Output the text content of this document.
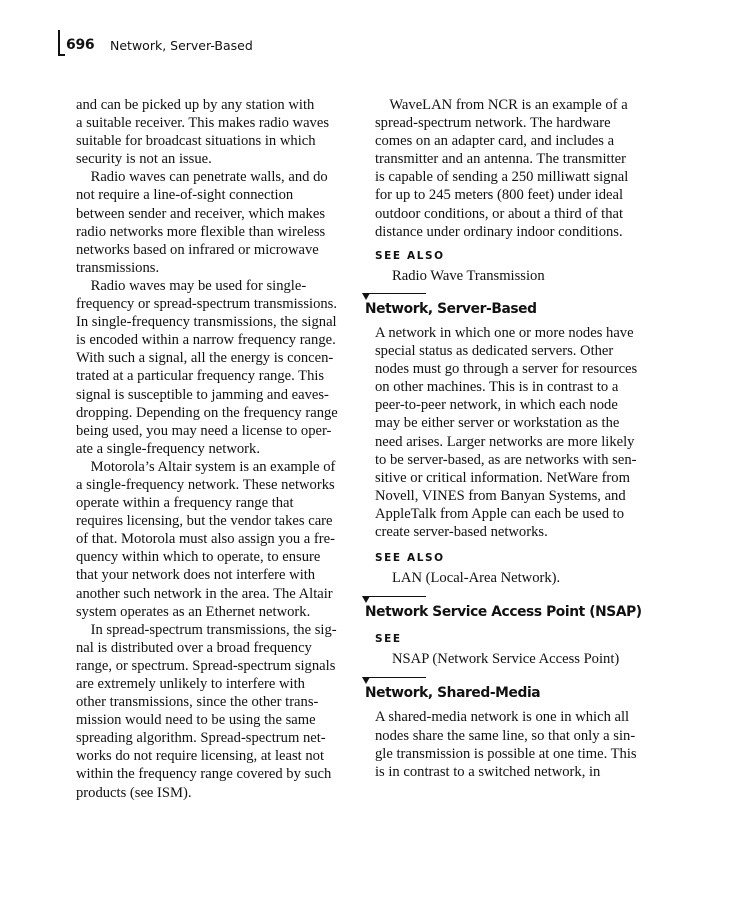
696 Network, Server-Based
and can be picked up by any station with
a suitable receiver. This makes radio waves
suitable for broadcast situations in which
security is not an issue.
Radio waves can penetrate walls, and do
not require a line-of-sight connection
between sender and receiver, which makes
radio networks more flexible than wireless
networks based on infrared or microwave
transmissions.
Radio waves may be used for single-
frequency or spread-spectrum transmissions.
In single-frequency transmissions, the signal
is encoded within a narrow frequency range.
With such a signal, all the energy is concen-
trated at a particular frequency range. This
signal is susceptible to jamming and eaves-
dropping. Depending on the frequency range
being used, you may need a license to oper-
ate a single-frequency network.
Motorola’s Altair system is an example of
a single-frequency network. These networks
operate within a frequency range that
requires licensing, but the vendor takes care
of that. Motorola must also assign you a fre-
quency within which to operate, to ensure
that your network does not interfere with
another such network in the area. The Altair
system operates as an Ethernet network.
In spread-spectrum transmissions, the sig-
nal is distributed over a broad frequency
range, or spectrum. Spread-spectrum signals
are extremely unlikely to interfere with
other transmissions, since the other trans-
mission would need to be using the same
spreading algorithm. Spread-spectrum net-
works do not require licensing, at least not
within the frequency range covered by such
products (see ISM).
WaveLAN from NCR is an example of a
spread-spectrum network. The hardware
comes on an adapter card, and includes a
transmitter and an antenna. The transmitter
is capable of sending a 250 milliwatt signal
for up to 245 meters (800 feet) under ideal
outdoor conditions, or about a third of that
distance under ordinary indoor conditions.
SEE ALSO
Radio Wave Transmission
Network, Server-Based
A network in which one or more nodes have
special status as dedicated servers. Other
nodes must go through a server for resources
on other machines. This is in contrast to a
peer-to-peer network, in which each node
may be either server or workstation as the
need arises. Larger networks are more likely
to be server-based, as are networks with sen-
sitive or critical information. NetWare from
Novell, VINES from Banyan Systems, and
AppleTalk from Apple can each be used to
create server-based networks.
SEE ALSO
LAN (Local-Area Network).
Network Service Access Point (NSAP)
SEE
NSAP (Network Service Access Point)
Network, Shared-Media
A shared-media network is one in which all
nodes share the same line, so that only a sin-
gle transmission is possible at one time. This
is in contrast to a switched network, in
